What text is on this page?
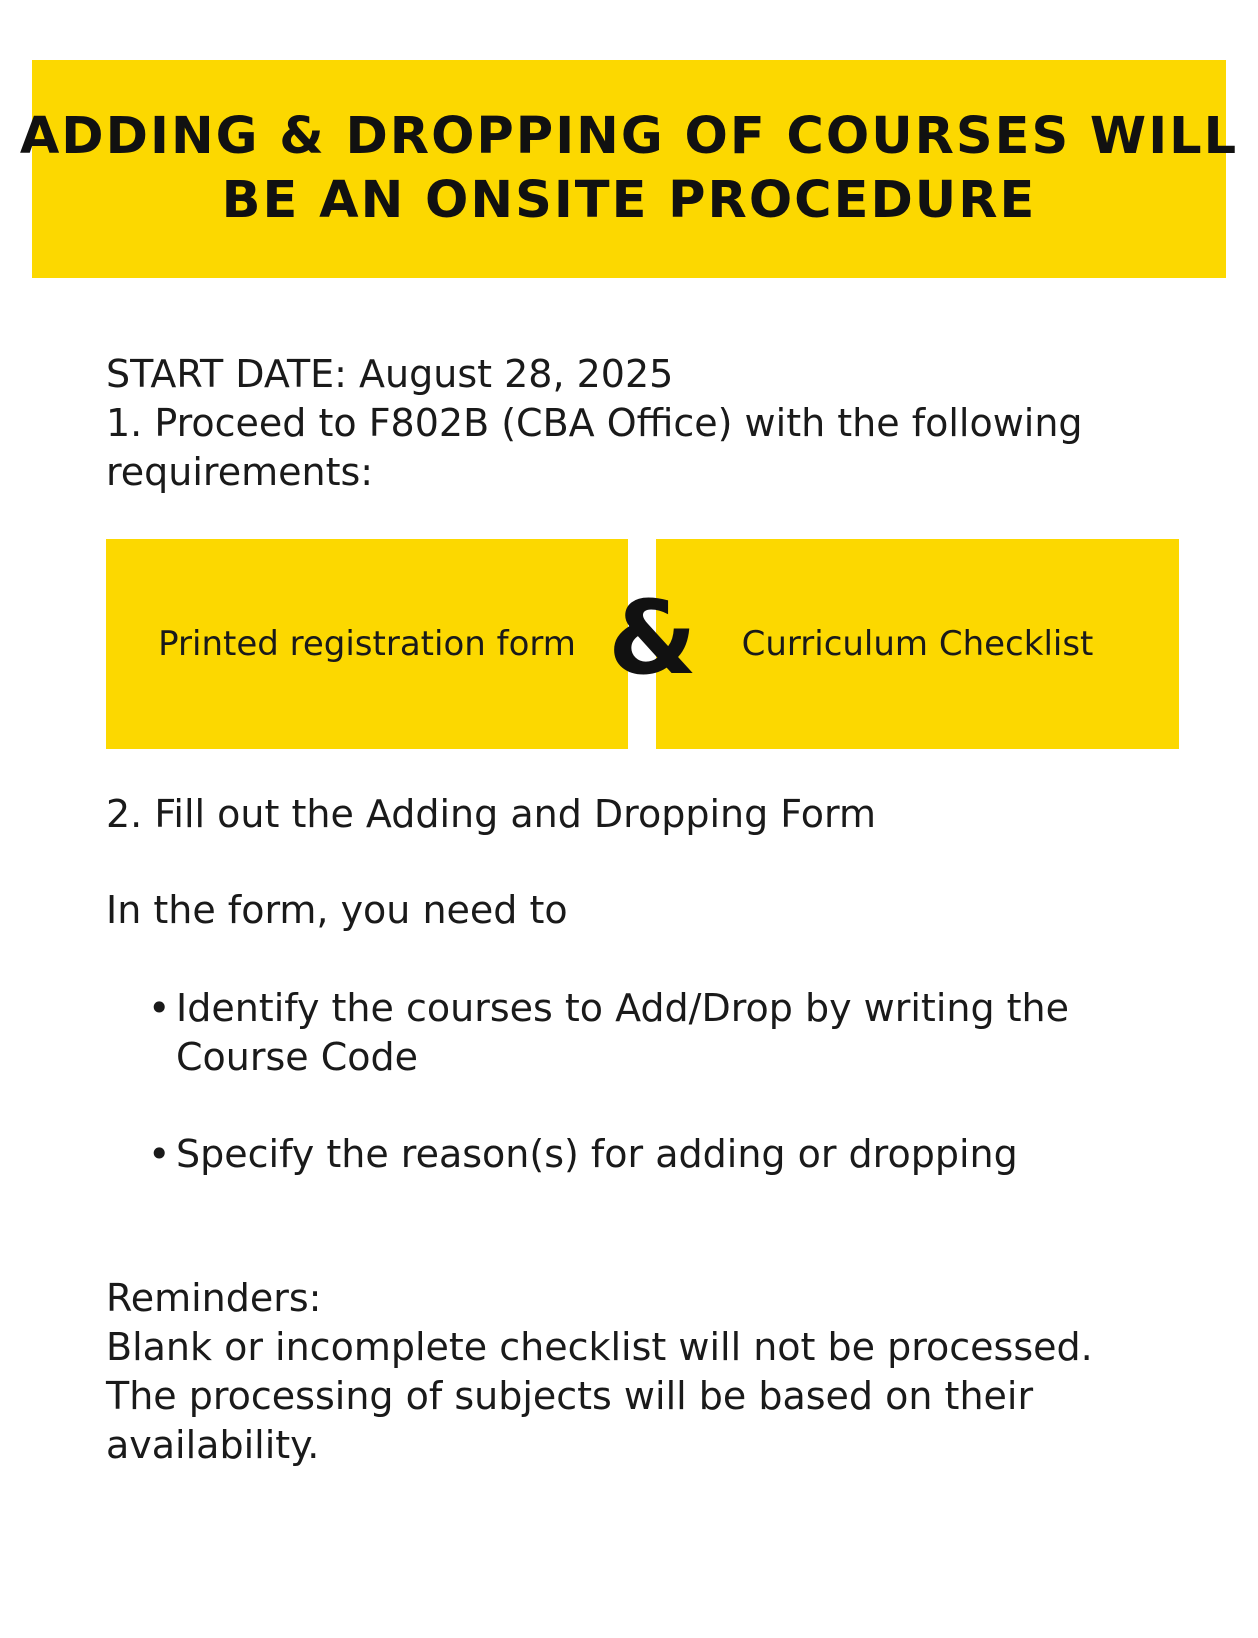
ADDING & DROPPING OF COURSES WILL
BE AN ONSITE PROCEDURE
START DATE: August 28, 2025
1. Proceed to F802B (CBA Office) with the following
requirements:
Printed registration form	Curriculum Checklist
&
2. Fill out the Adding and Dropping Form
In the form, you need to
• Identify the courses to Add/Drop by writing the
Course Code
• Specify the reason(s) for adding or dropping
Reminders:
Blank or incomplete checklist will not be processed.
The processing of subjects will be based on their
availability.
